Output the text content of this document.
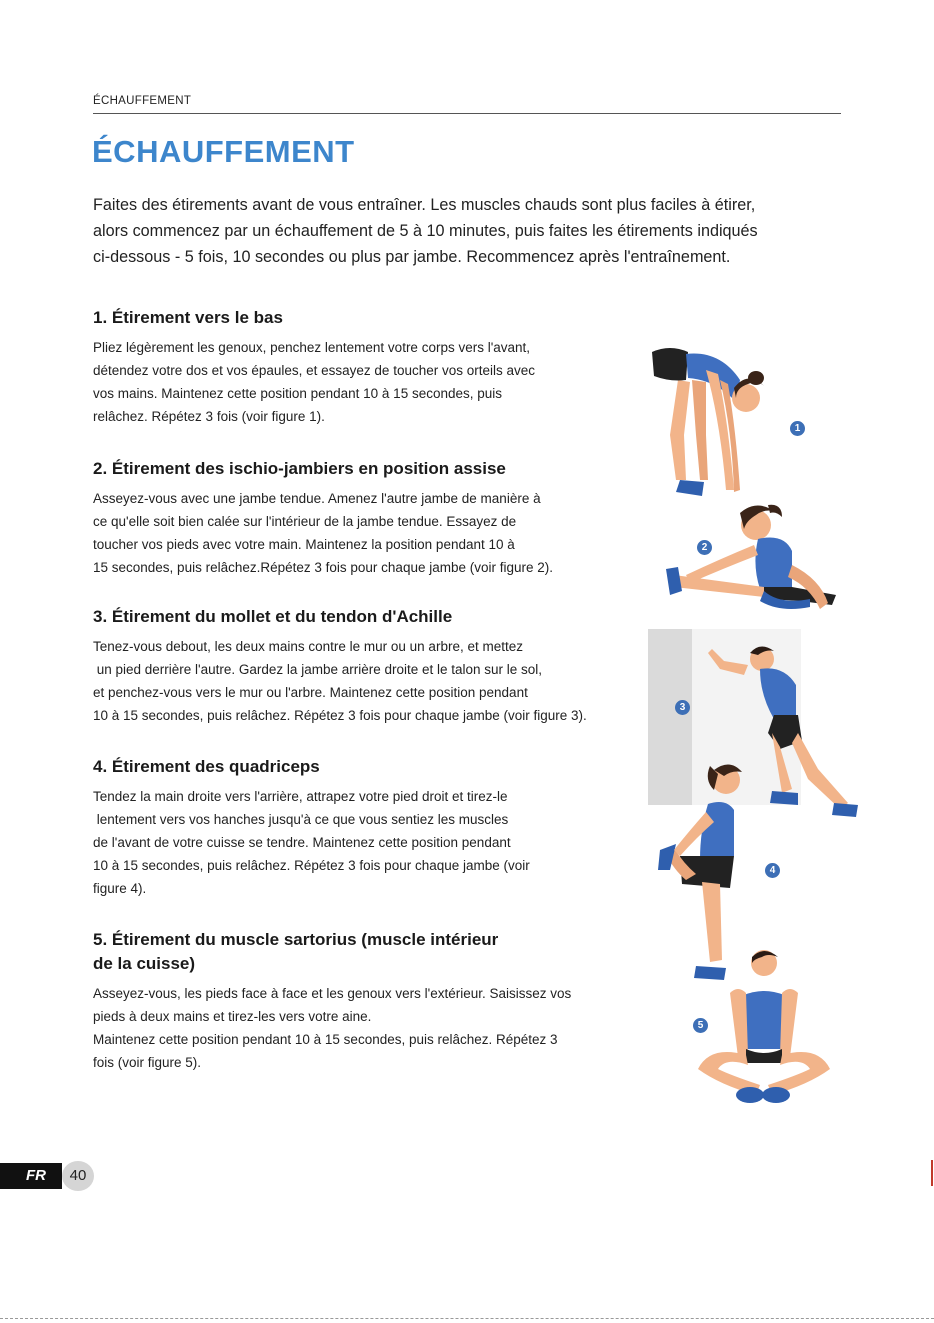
ÉCHAUFFEMENT
ÉCHAUFFEMENT
Faites des étirements avant de vous entraîner. Les muscles chauds sont plus faciles à étirer,
alors commencez par un échauffement de 5 à 10 minutes, puis faites les étirements indiqués
ci-dessous - 5 fois, 10 secondes ou plus par jambe. Recommencez après l'entraînement.
1. Étirement vers le bas

Pliez légèrement les genoux, penchez lentement votre corps vers l'avant,
détendez votre dos et vos épaules, et essayez de toucher vos orteils avec
vos mains. Maintenez cette position pendant 10 à 15 secondes, puis
relâchez. Répétez 3 fois (voir figure 1).

2. Étirement des ischio-jambiers en position assise

Asseyez-vous avec une jambe tendue. Amenez l'autre jambe de manière à
ce qu'elle soit bien calée sur l'intérieur de la jambe tendue. Essayez de
toucher vos pieds avec votre main. Maintenez la position pendant 10 à
15 secondes, puis relâchez.Répétez 3 fois pour chaque jambe (voir figure 2).

3. Étirement du mollet et du tendon d'Achille

Tenez-vous debout, les deux mains contre le mur ou un arbre, et mettez
un pied derrière l'autre. Gardez la jambe arrière droite et le talon sur le sol,
et penchez-vous vers le mur ou l'arbre. Maintenez cette position pendant
10 à 15 secondes, puis relâchez. Répétez 3 fois pour chaque jambe (voir figure 3).

4. Étirement des quadriceps

Tendez la main droite vers l'arrière, attrapez votre pied droit et tirez-le
lentement vers vos hanches jusqu'à ce que vous sentiez les muscles
de l'avant de votre cuisse se tendre. Maintenez cette position pendant
10 à 15 secondes, puis relâchez. Répétez 3 fois pour chaque jambe (voir
figure 4).

5. Étirement du muscle sartorius (muscle intérieur
de la cuisse)

Asseyez-vous, les pieds face à face et les genoux vers l'extérieur. Saisissez vos
pieds à deux mains et tirez-les vers votre aine.
Maintenez cette position pendant 10 à 15 secondes, puis relâchez. Répétez 3
fois (voir figure 5).

1
2
3
4
5
FR	40
